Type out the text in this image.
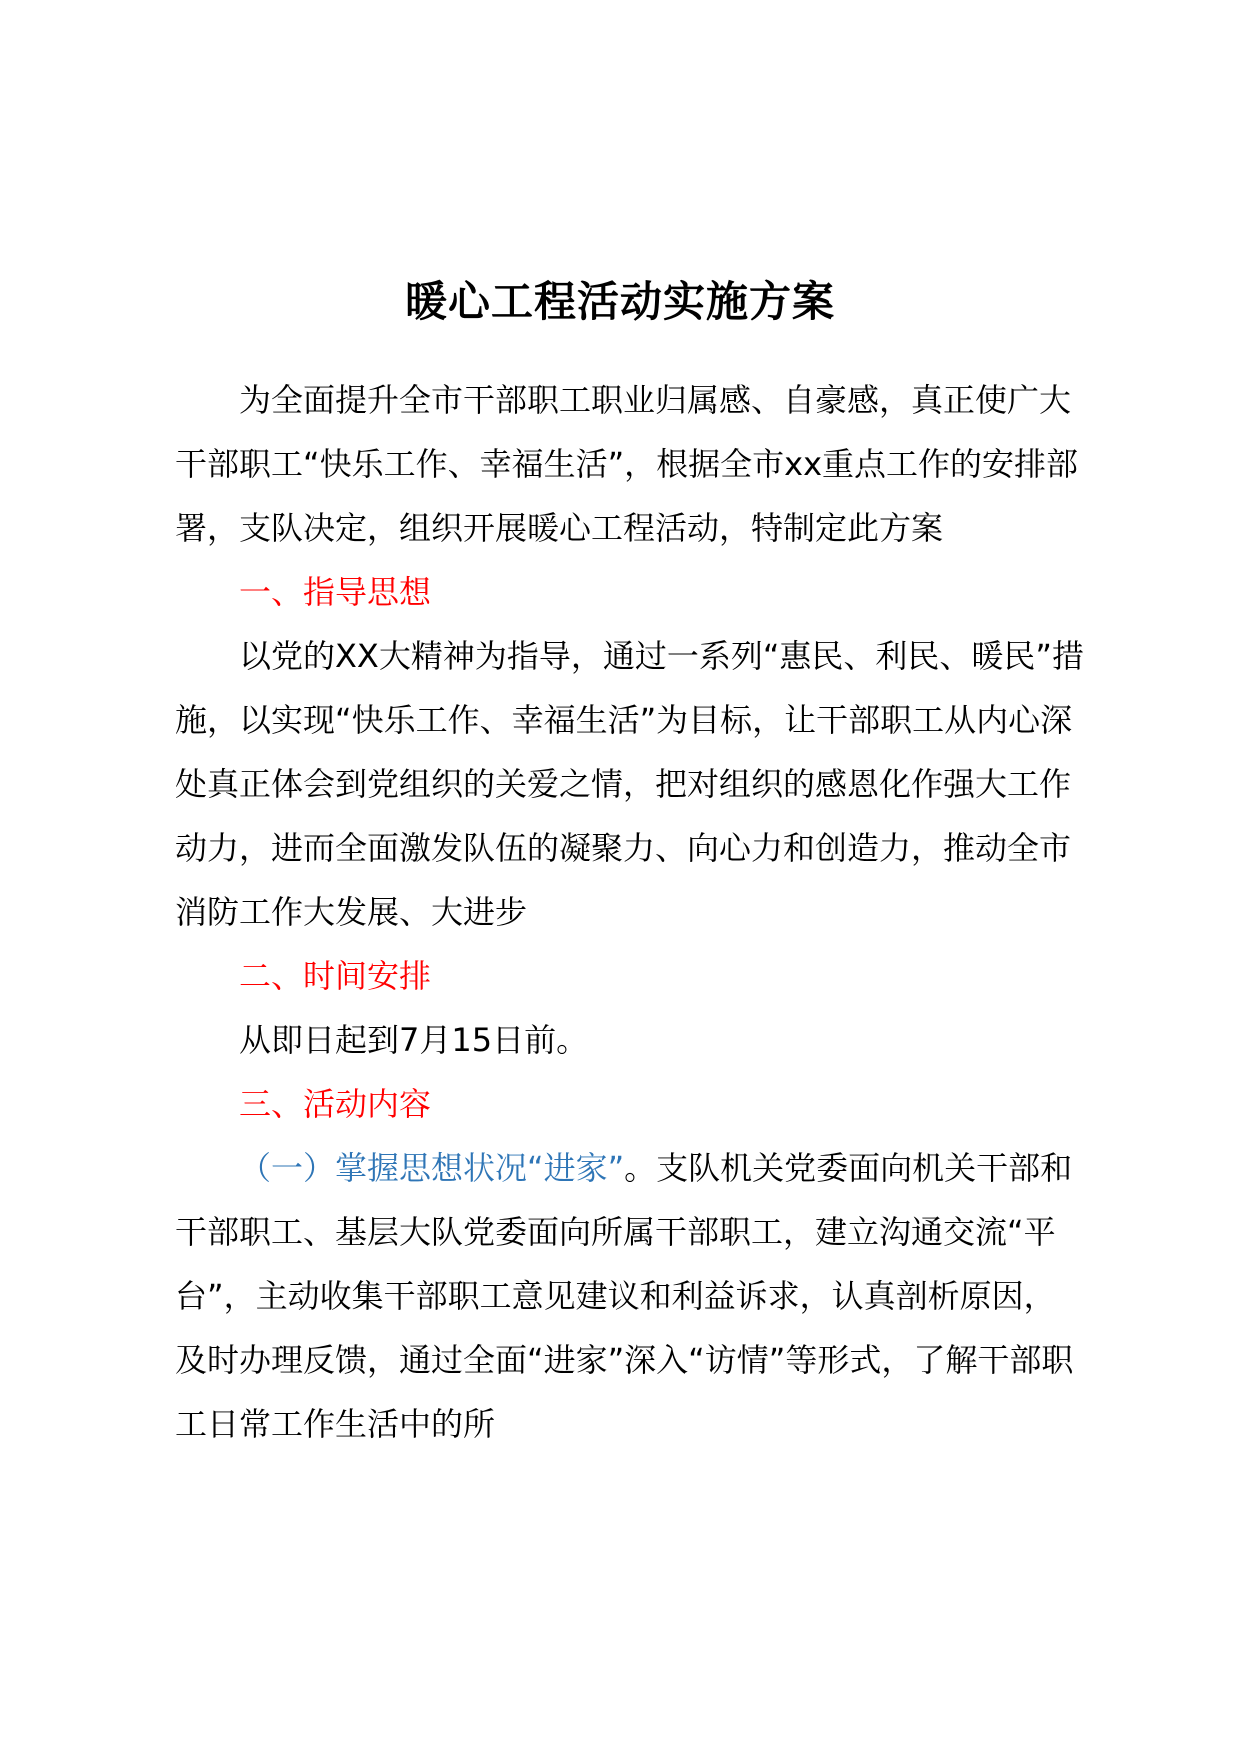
暖心工程活动实施方案

为全面提升全市干部职工职业归属感、自豪感，真正使广大干部职工“快乐工作、幸福生活”，根据全市xx重点工作的安排部署，支队决定，组织开展暖心工程活动，特制定此方案

一、指导思想

以党的XX大精神为指导，通过一系列“惠民、利民、暖民”措施，以实现“快乐工作、幸福生活”为目标，让干部职工从内心深处真正体会到党组织的关爱之情，把对组织的感恩化作强大工作动力，进而全面激发队伍的凝聚力、向心力和创造力，推动全市消防工作大发展、大进步

二、时间安排

从即日起到7月15日前。

三、活动内容

（一）掌握思想状况“进家”。支队机关党委面向机关干部和干部职工、基层大队党委面向所属干部职工，建立沟通交流“平台”，主动收集干部职工意见建议和利益诉求，认真剖析原因，及时办理反馈，通过全面“进家”深入“访情”等形式，了解干部职工日常工作生活中的所
